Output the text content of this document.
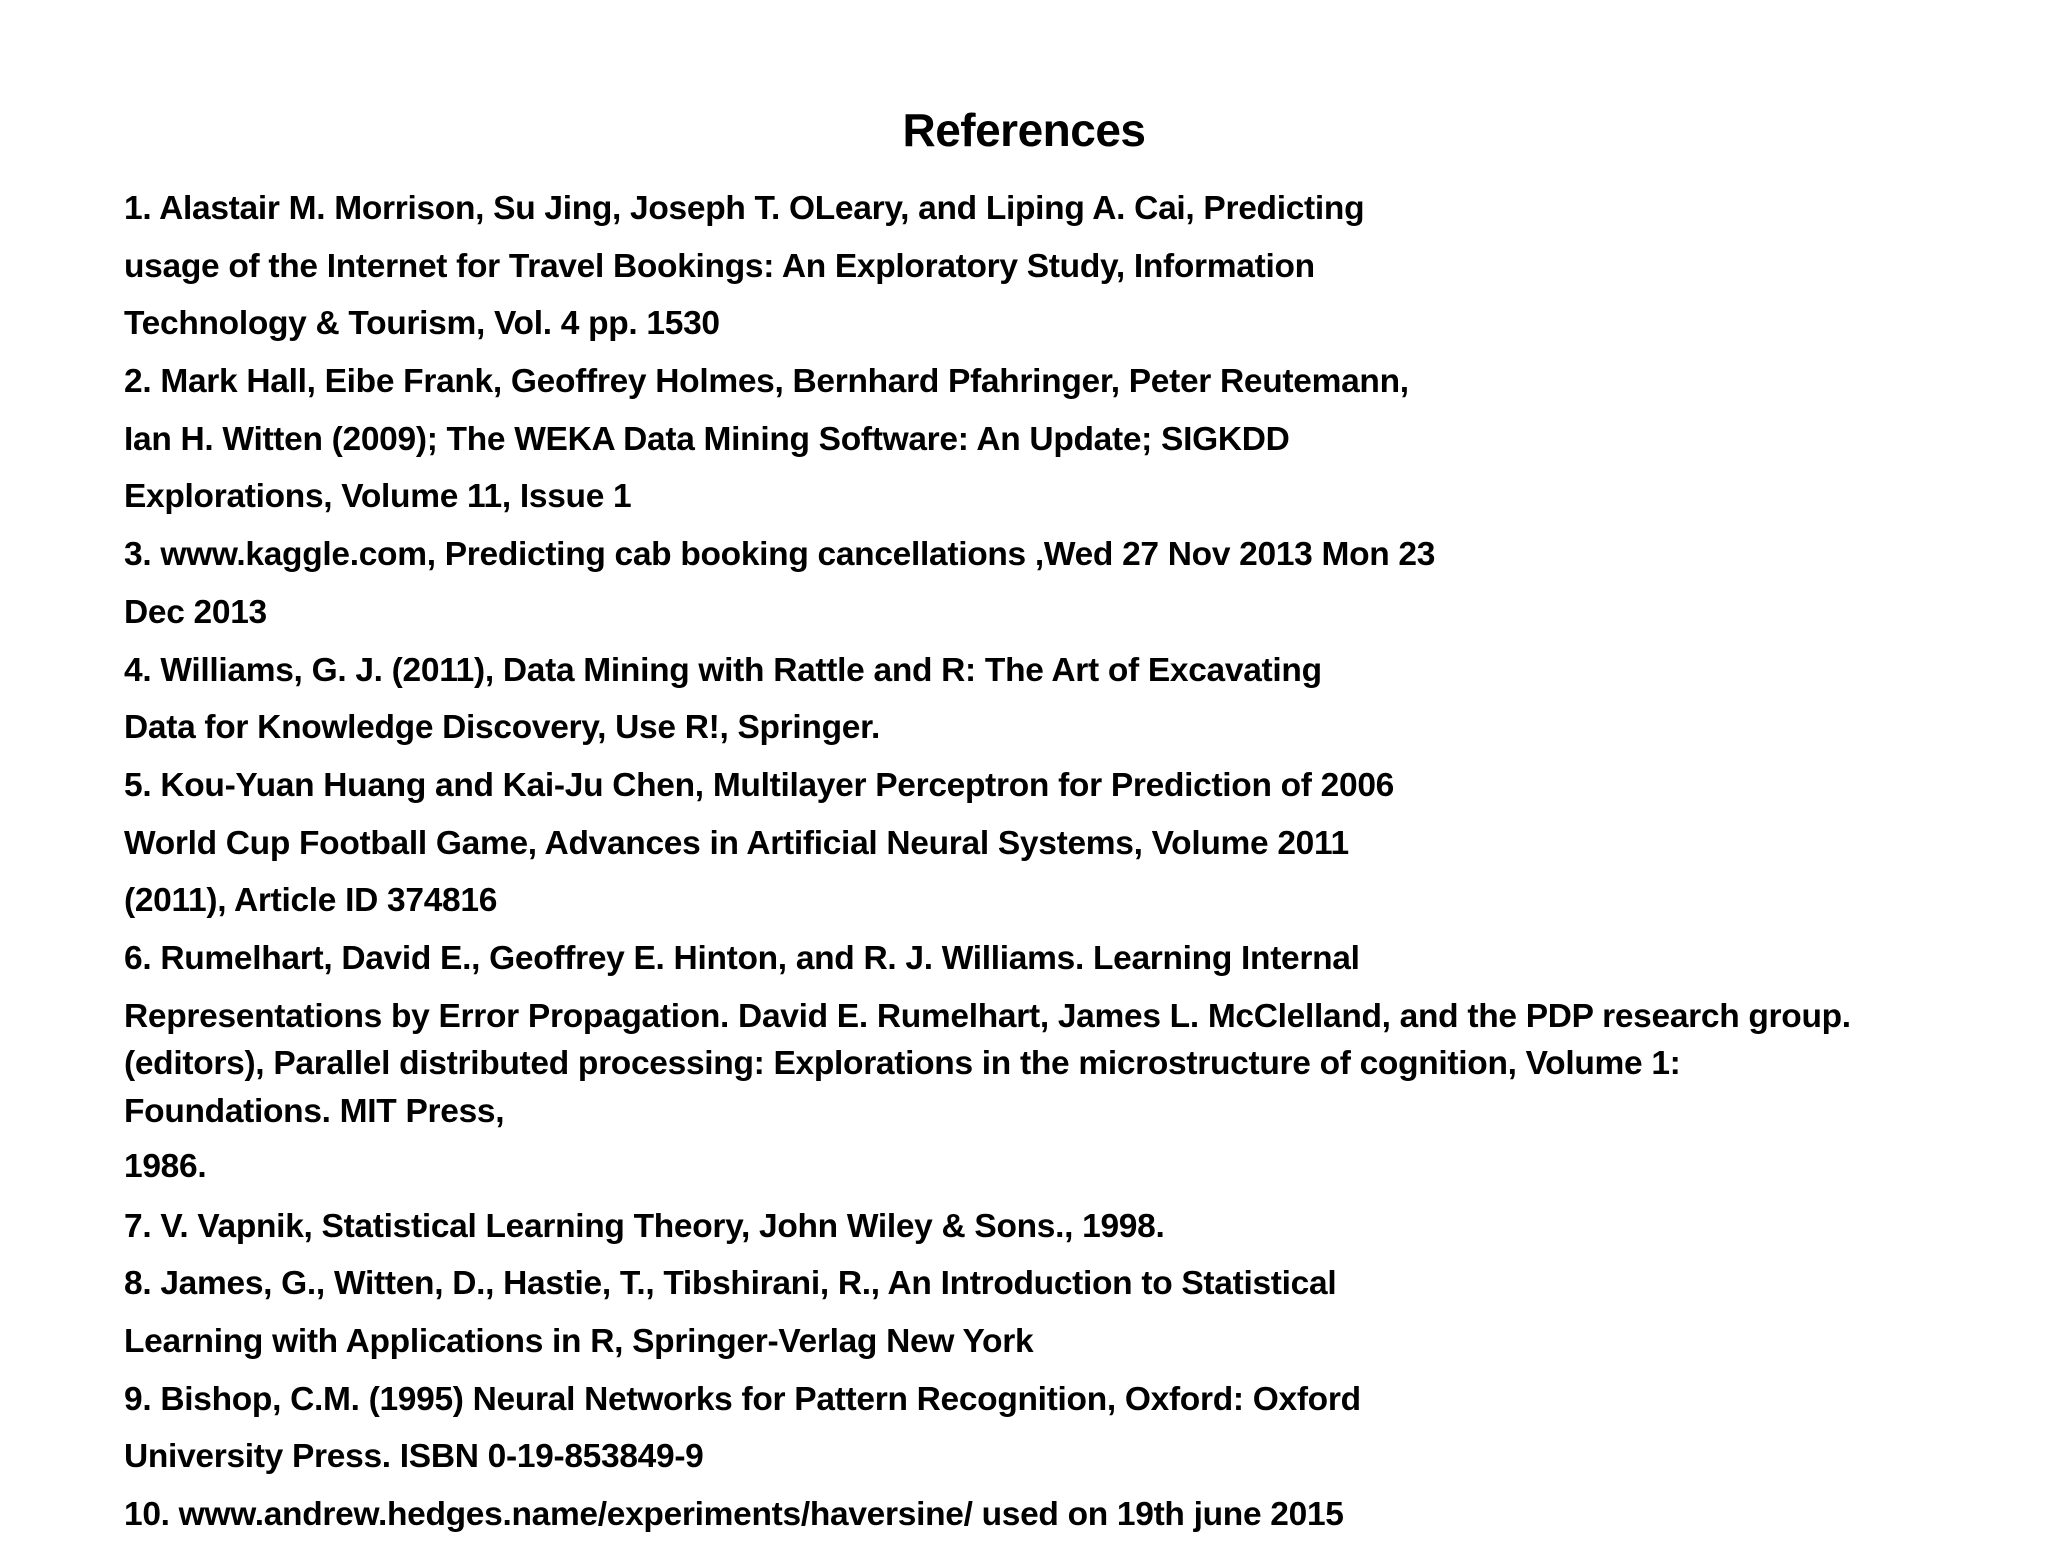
References
1. Alastair M. Morrison, Su Jing, Joseph T. OLeary, and Liping A. Cai, Predicting
usage of the Internet for Travel Bookings: An Exploratory Study, Information
Technology & Tourism, Vol. 4 pp. 1530
2. Mark Hall, Eibe Frank, Geoffrey Holmes, Bernhard Pfahringer, Peter Reutemann,
Ian H. Witten (2009); The WEKA Data Mining Software: An Update; SIGKDD
Explorations, Volume 11, Issue 1
3. www.kaggle.com, Predicting cab booking cancellations ,Wed 27 Nov 2013 Mon 23
Dec 2013
4. Williams, G. J. (2011), Data Mining with Rattle and R: The Art of Excavating
Data for Knowledge Discovery, Use R!, Springer.
5. Kou-Yuan Huang and Kai-Ju Chen, Multilayer Perceptron for Prediction of 2006
World Cup Football Game, Advances in Artificial Neural Systems, Volume 2011
(2011), Article ID 374816
6. Rumelhart, David E., Geoffrey E. Hinton, and R. J. Williams. Learning Internal
Representations by Error Propagation. David E. Rumelhart, James L. McClelland, and the PDP research group.
(editors), Parallel distributed processing: Explorations in the microstructure of cognition, Volume 1:
Foundations. MIT Press,
1986.
7. V. Vapnik, Statistical Learning Theory, John Wiley & Sons., 1998.
8. James, G., Witten, D., Hastie, T., Tibshirani, R., An Introduction to Statistical
Learning with Applications in R, Springer-Verlag New York
9. Bishop, C.M. (1995) Neural Networks for Pattern Recognition, Oxford: Oxford
University Press. ISBN 0-19-853849-9
10. www.andrew.hedges.name/experiments/haversine/ used on 19th june 2015
